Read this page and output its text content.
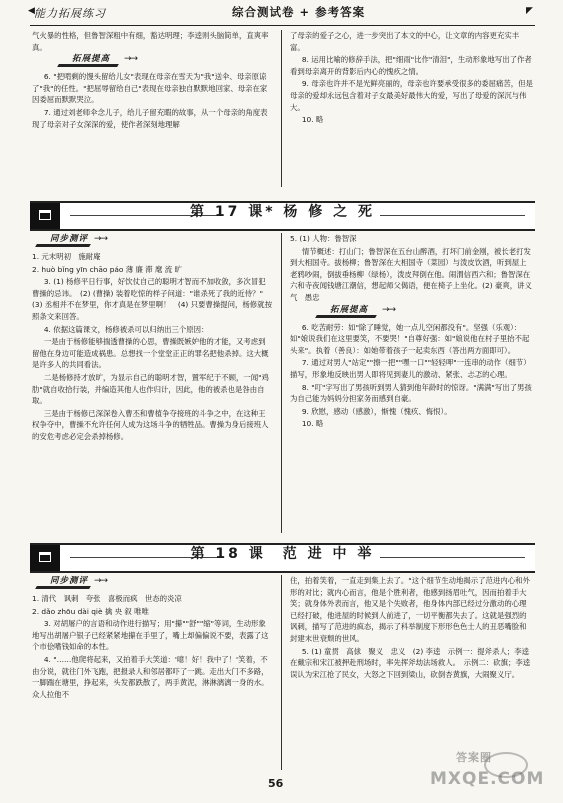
◀ 能力拓展练习	综合测试卷 + 参考答案	◤

气火暴的性格，但鲁智深粗中有细，豁达明理；李逵则头脑简单，直爽率真。

拓展提高 →→

6. "把啃剩的馒头留给儿女"表现在母亲在雪天为"我"送伞、母亲原谅了"我"的任性。"把屈辱留给自己"表现在母亲独自默默地回家、母亲在家因委屈而默默哭泣。

7. 通过刘老师伞念儿子，给儿子留充暇的故事，从一个母亲的角度表现了母亲对子女深深的爱，使作者深刻地理解

了母亲的爱子之心，进一步突出了本文的中心，让文章的内容更充实丰富。

8. 运用比喻的修辞手法，把"细雨"比作"清泪"，生动形象地写出了作者看到母亲离开的背影后内心的愧疚之情。

9. 母亲也许并不是光鲜亮丽的，母亲也许要承受很多的委屈痛苦，但是母亲的爱却永远包含着对子女最美好最伟大的爱，写出了母爱的深沉与伟大。

10. 略

第 17 课* 杨 修 之 死
同步测评 →→

1. 元末明初　施耐庵

2. huò bǐng yīn chāo páo 薄 廉 滞 麾 流 旷

3. (1) 杨修平日行事，好饮仗自己的聪明才智而不加收敛，多次冒犯曹操的忌讳。　(2) (曹操) 装着吃惊的样子问道："谁杀死了我的近侍？"　(3) 丞相并不在梦里，你才真是在梦里啊！　(4) 只要曹操提问，杨修就按照条文来回答。

4. 依据这篇课文，杨修被杀可以归纳出三个原因：

一是由于杨修能够揣透曹操的心思，曹操既嫉妒他的才能，又考虑到留他在身边可能造成祸患。总想找一个堂堂正正的罪名把他杀掉。这大概是许多人的共同看法。

二是杨修持才放旷，为显示自己的聪明才智，置军纪于不顾，一闻"鸡肋"就自收拾行装，并编造其他人也作归计，因此，他的被杀也是咎由自取。

三是由于杨修已深深卷入曹丕和曹植争夺接班的斗争之中，在这种王权争夺中，曹操不允许任何人成为这场斗争的牺牲品。曹操为身后接班人的安危考虑必定会杀掉杨修。

5. (1) 人物：鲁智深

情节概述：打山门；鲁智深在五台山醉酒，打坏门前金刚，被长老打发到大相国寺。拔杨柳；鲁智深在大相国寺（菜园）与泼皮饮酒，听到屋上老鸦吵闹，倒拔垂杨柳（绿杨），泼皮拜倒在他。闹渭信西六和；鲁智深在六和寺夜闻钱塘江潮信，想起师父偈语，便在椅子上坐化。(2) 豪爽，讲义气　愚忠

拓展提高 →→

6. 吃苦耐劳：如"除了睡觉，她一点儿空闲都没有"。坚强（乐观）：如"娘说我们在这里要笑，不要哭！"自尊好强：如"娘说他在村子里抬不起头来"。执着（善良）：如她带着孩子一起卖东西（答出两方面即可）。

7. 通过对男人"站定""擦一把""嘿一口""轻轻呷"一连串的动作（细节）描写，形象地反映出男人即将见到妻儿的激动、紧张、忐忑的心理。

8. "叮"字写出了男孩听到男人猜到他年龄时的惊讶。"满满"写出了男孩为自己能为妈妈分担家务而感到自豪。

9. 欣慰，感动（感激），惭愧（愧疚、悔恨）。

10. 略

第 18 课　范 进 中 举
同步测评 →→

1. 清代　讽刺　夸张　喜极而疯　世态的炎凉

2. dǎo zhōu dài qiè 擒 央 叙 唯唯

3. 对胡屠户的言语和动作进行描写；用"攥""舒""缩"等词，生动形象地写出胡屠户银子已经紧紧地攥在手里了，嘴上却偏偏说不要，表露了这个市侩嗜钱如命的本性。

4. "……他爬将起来，又拍着手大笑道：'噫！好！我中了！'笑着，不由分说，就往门外飞跑，把报录人和邻居都吓了一跳。走出大门不多路，一脚踹在塘里，挣起来，头发都跌散了，两手黄泥，淋淋漓漓一身的水。众人拉他不

住，拍着笑着，一直走到集上去了。"这个细节生动地揭示了范进内心和外形的对比；就内心而言，他是个胜利者，他感到扬眉吐气，因而拍着手大笑；就身体外表而言，他又是个失败者，他身体内部已经过分激动的心理已经打破，他进屋的时候到人前进了，一切平衡都失去了。这就是强烈的讽刺，描写了范进的疯态，揭示了科举制度下形形色色士人的丑恶嘴脸和封建末世衰颓的世风。

5. (1) 童贯　高俅　聚义　忠义　(2) 李逵　示例一：提斧杀人；李逵在戴宗和宋江被押赴刑场时，率先挥斧劫法场救人。　示例二：砍旗；李逵误认为宋江抢了民女，大怒之下回到梁山，砍倒杏黄旗，大闹聚义厅。

56
答案圈
MXQE.COM
